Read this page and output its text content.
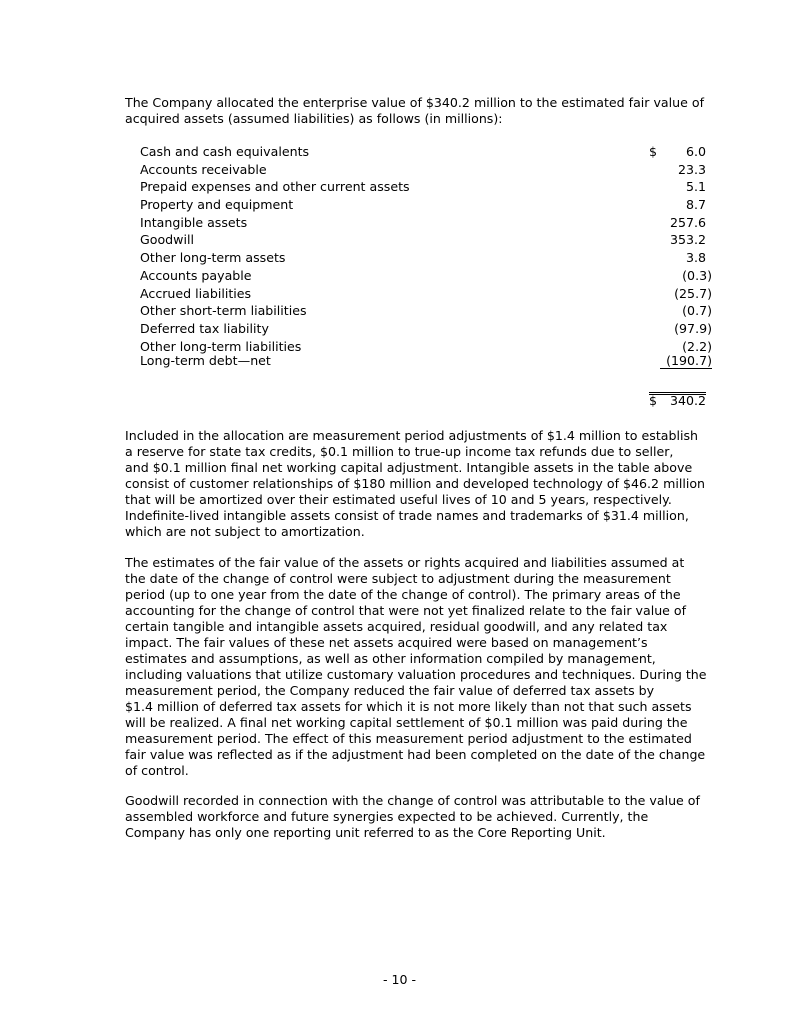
The Company allocated the enterprise value of $340.2 million to the estimated fair value of
acquired assets (assumed liabilities) as follows (in millions):

Cash and cash equivalents	$ 6.0
Accounts receivable	23.3
Prepaid expenses and other current assets	5.1
Property and equipment	8.7
Intangible assets	257.6
Goodwill	353.2
Other long-term assets	3.8
Accounts payable	(0.3)
Accrued liabilities	(25.7)
Other short-term liabilities	(0.7)
Deferred tax liability	(97.9)
Other long-term liabilities	(2.2)
Long-term debt—net	(190.7)
$ 340.2

Included in the allocation are measurement period adjustments of $1.4 million to establish
a reserve for state tax credits, $0.1 million to true-up income tax refunds due to seller,
and $0.1 million final net working capital adjustment. Intangible assets in the table above
consist of customer relationships of $180 million and developed technology of $46.2 million
that will be amortized over their estimated useful lives of 10 and 5 years, respectively.
Indefinite-lived intangible assets consist of trade names and trademarks of $31.4 million,
which are not subject to amortization.

The estimates of the fair value of the assets or rights acquired and liabilities assumed at
the date of the change of control were subject to adjustment during the measurement
period (up to one year from the date of the change of control). The primary areas of the
accounting for the change of control that were not yet finalized relate to the fair value of
certain tangible and intangible assets acquired, residual goodwill, and any related tax
impact. The fair values of these net assets acquired were based on management’s
estimates and assumptions, as well as other information compiled by management,
including valuations that utilize customary valuation procedures and techniques. During the
measurement period, the Company reduced the fair value of deferred tax assets by
$1.4 million of deferred tax assets for which it is not more likely than not that such assets
will be realized. A final net working capital settlement of $0.1 million was paid during the
measurement period. The effect of this measurement period adjustment to the estimated
fair value was reflected as if the adjustment had been completed on the date of the change
of control.

Goodwill recorded in connection with the change of control was attributable to the value of
assembled workforce and future synergies expected to be achieved. Currently, the
Company has only one reporting unit referred to as the Core Reporting Unit.

- 10 -
